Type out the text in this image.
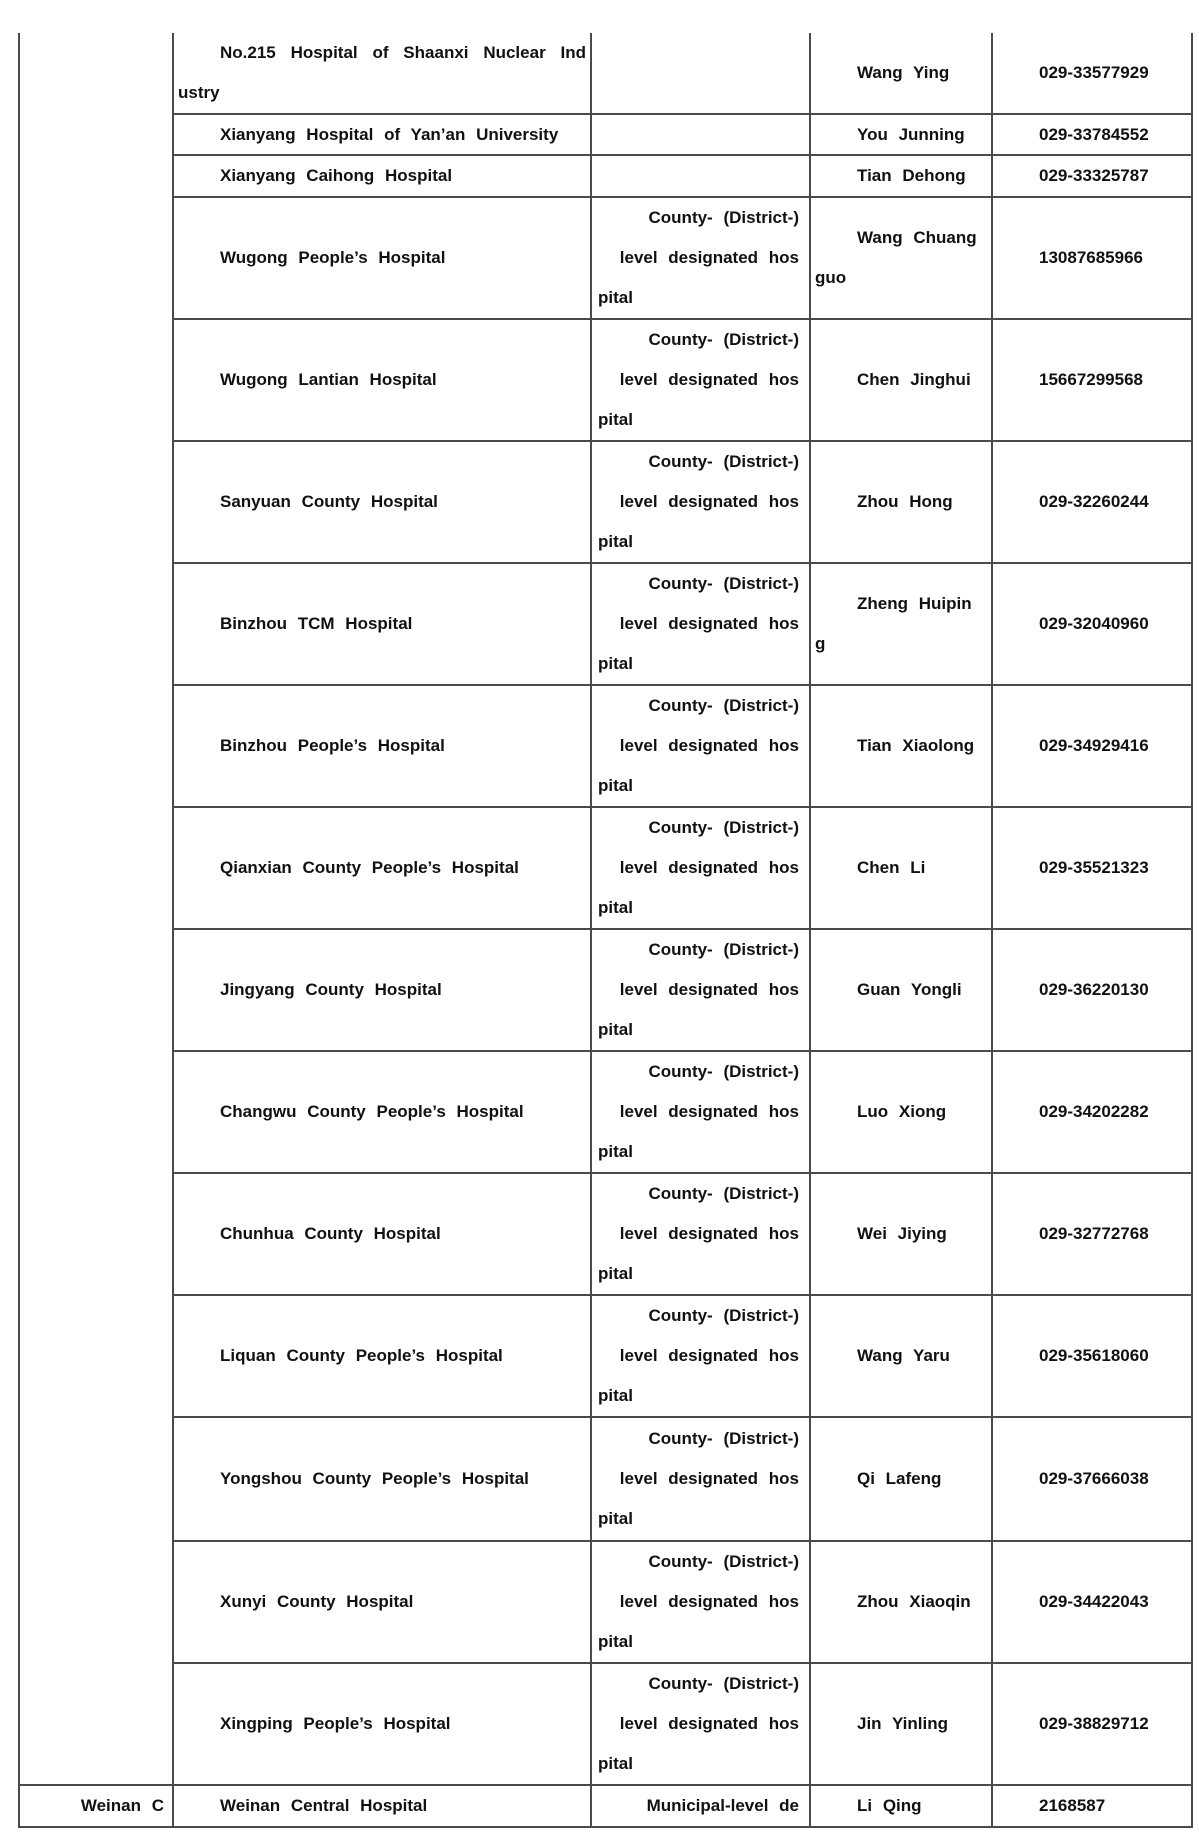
	No.215 Hospital of Shaanxi Nuclear Ind
ustry		Wang Ying	029-33577929

	Xianyang Hospital of Yan’an University		You Junning	029-33784552

	Xianyang Caihong Hospital		Tian Dehong	029-33325787

	Wugong People’s Hospital	County- (District-)
level designated hos
pital	Wang Chuang
guo	13087685966

	Wugong Lantian Hospital	County- (District-)
level designated hos
pital	Chen Jinghui	15667299568

	Sanyuan County Hospital	County- (District-)
level designated hos
pital	Zhou Hong	029-32260244

	Binzhou TCM Hospital	County- (District-)
level designated hos
pital	Zheng Huipin
g	029-32040960

	Binzhou People’s Hospital	County- (District-)
level designated hos
pital	Tian Xiaolong	029-34929416

	Qianxian County People’s Hospital	County- (District-)
level designated hos
pital	Chen Li	029-35521323

	Jingyang County Hospital	County- (District-)
level designated hos
pital	Guan Yongli	029-36220130

	Changwu County People’s Hospital	County- (District-)
level designated hos
pital	Luo Xiong	029-34202282

	Chunhua County Hospital	County- (District-)
level designated hos
pital	Wei Jiying	029-32772768

	Liquan County People’s Hospital	County- (District-)
level designated hos
pital	Wang Yaru	029-35618060

	Yongshou County People’s Hospital	County- (District-)
level designated hos
pital	Qi Lafeng	029-37666038

	Xunyi County Hospital	County- (District-)
level designated hos
pital	Zhou Xiaoqin	029-34422043

	Xingping People’s Hospital	County- (District-)
level designated hos
pital	Jin Yinling	029-38829712

Weinan C	Weinan Central Hospital	Municipal-level de	Li Qing	2168587
